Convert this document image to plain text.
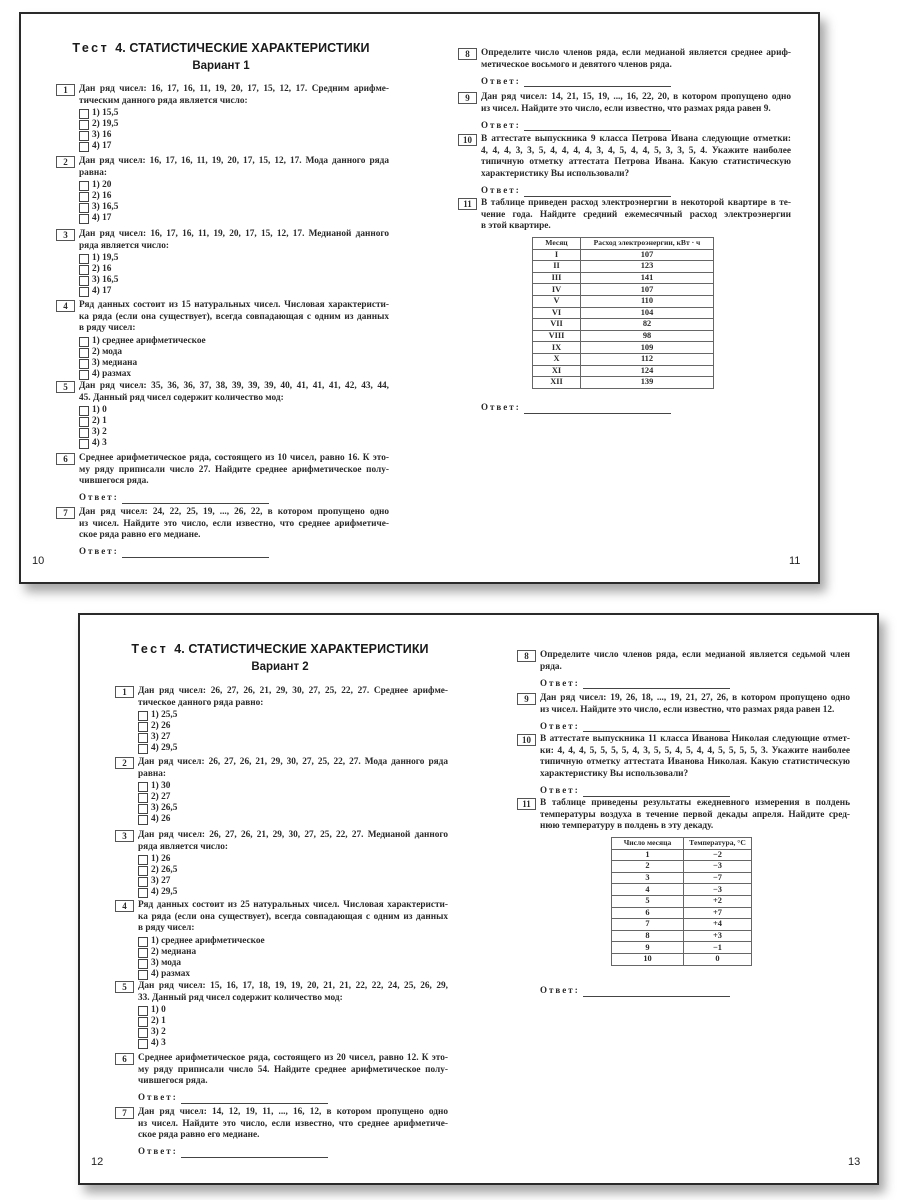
Тест 4. СТАТИСТИЧЕСКИЕ ХАРАКТЕРИСТИКИ
Вариант 1
1	Дан ряд чисел: 16, 17, 16, 11, 19, 20, 17, 15, 12, 17. Средним арифме-
тическим данного ряда является число:
1) 15,5
2) 19,5
3) 16
4) 17
2	Дан ряд чисел: 16, 17, 16, 11, 19, 20, 17, 15, 12, 17. Мода данного ряда
равна:
1) 20
2) 16
3) 16,5
4) 17
3	Дан ряд чисел: 16, 17, 16, 11, 19, 20, 17, 15, 12, 17. Медианой данного
ряда является число:
1) 19,5
2) 16
3) 16,5
4) 17
4	Ряд данных состоит из 15 натуральных чисел. Числовая характеристи-
ка ряда (если она существует), всегда совпадающая с одним из данных
в ряду чисел:
1) среднее арифметическое
2) мода
3) медиана
4) размах
5	Дан ряд чисел: 35, 36, 36, 37, 38, 39, 39, 39, 40, 41, 41, 41, 42, 43, 44,
45. Данный ряд чисел содержит количество мод:
1) 0
2) 1
3) 2
4) 3
6	Среднее арифметическое ряда, состоящего из 10 чисел, равно 16. К это-
му ряду приписали число 27. Найдите среднее арифметическое полу-
чившегося ряда.
Ответ:
7	Дан ряд чисел: 24, 22, 25, 19, ..., 26, 22, в котором пропущено одно
из чисел. Найдите это число, если известно, что среднее арифметиче-
ское ряда равно его медиане.
Ответ:
8	Определите число членов ряда, если медианой является среднее ариф-
метическое восьмого и девятого членов ряда.
Ответ:
9	Дан ряд чисел: 14, 21, 15, 19, ..., 16, 22, 20, в котором пропущено одно
из чисел. Найдите это число, если известно, что размах ряда равен 9.
Ответ:
10 В аттестате выпускника 9 класса Петрова Ивана следующие отметки:
4, 4, 4, 3, 3, 5, 4, 4, 4, 4, 3, 4, 5, 4, 4, 5, 3, 3, 5, 4. Укажите наиболее
типичную отметку аттестата Петрова Ивана. Какую статистическую
характеристику Вы использовали?
Ответ:
11 В таблице приведен расход электроэнергии в некоторой квартире в те-
чение года. Найдите средний ежемесячный расход электроэнергии
в этой квартире.
Месяц	Расход электроэнергии, кВт · ч
I	107
II	123
III	141
IV	107
V	110
VI	104
VII	82
VIII	98
IX	109
X	112
XI	124
XII	139
Ответ:
10	11
Тест 4. СТАТИСТИЧЕСКИЕ ХАРАКТЕРИСТИКИ
Вариант 2
1	Дан ряд чисел: 26, 27, 26, 21, 29, 30, 27, 25, 22, 27. Среднее арифме-
тическое данного ряда равно:
1) 25,5
2) 26
3) 27
4) 29,5
2	Дан ряд чисел: 26, 27, 26, 21, 29, 30, 27, 25, 22, 27. Мода данного ряда
равна:
1) 30
2) 27
3) 26,5
4) 26
3	Дан ряд чисел: 26, 27, 26, 21, 29, 30, 27, 25, 22, 27. Медианой данного
ряда является число:
1) 26
2) 26,5
3) 27
4) 29,5
4	Ряд данных состоит из 25 натуральных чисел. Числовая характеристи-
ка ряда (если она существует), всегда совпадающая с одним из данных
в ряду чисел:
1) среднее арифметическое
2) медиана
3) мода
4) размах
5	Дан ряд чисел: 15, 16, 17, 18, 19, 19, 20, 21, 21, 22, 22, 24, 25, 26, 29,
33. Данный ряд чисел содержит количество мод:
1) 0
2) 1
3) 2
4) 3
6	Среднее арифметическое ряда, состоящего из 20 чисел, равно 12. К это-
му ряду приписали число 54. Найдите среднее арифметическое полу-
чившегося ряда.
Ответ:
7	Дан ряд чисел: 14, 12, 19, 11, ..., 16, 12, в котором пропущено одно
из чисел. Найдите это число, если известно, что среднее арифметиче-
ское ряда равно его медиане.
Ответ:
8	Определите число членов ряда, если медианой является седьмой член
ряда.
Ответ:
9	Дан ряд чисел: 19, 26, 18, ..., 19, 21, 27, 26, в котором пропущено одно
из чисел. Найдите это число, если известно, что размах ряда равен 12.
Ответ:
10 В аттестате выпускника 11 класса Иванова Николая следующие отмет-
ки: 4, 4, 4, 5, 5, 5, 5, 4, 3, 5, 5, 4, 5, 4, 4, 5, 5, 5, 5, 3. Укажите наиболее
типичную отметку аттестата Иванова Николая. Какую статистическую
характеристику Вы использовали?
Ответ:
11 В таблице приведены результаты ежедневного измерения в полдень
температуры воздуха в течение первой декады апреля. Найдите сред-
нюю температуру в полдень в эту декаду.
Число месяца	Температура, °C
1	−2
2	−3
3	−7
4	−3
5	+2
6	+7
7	+4
8	+3
9	−1
10	0
Ответ:
12	13
